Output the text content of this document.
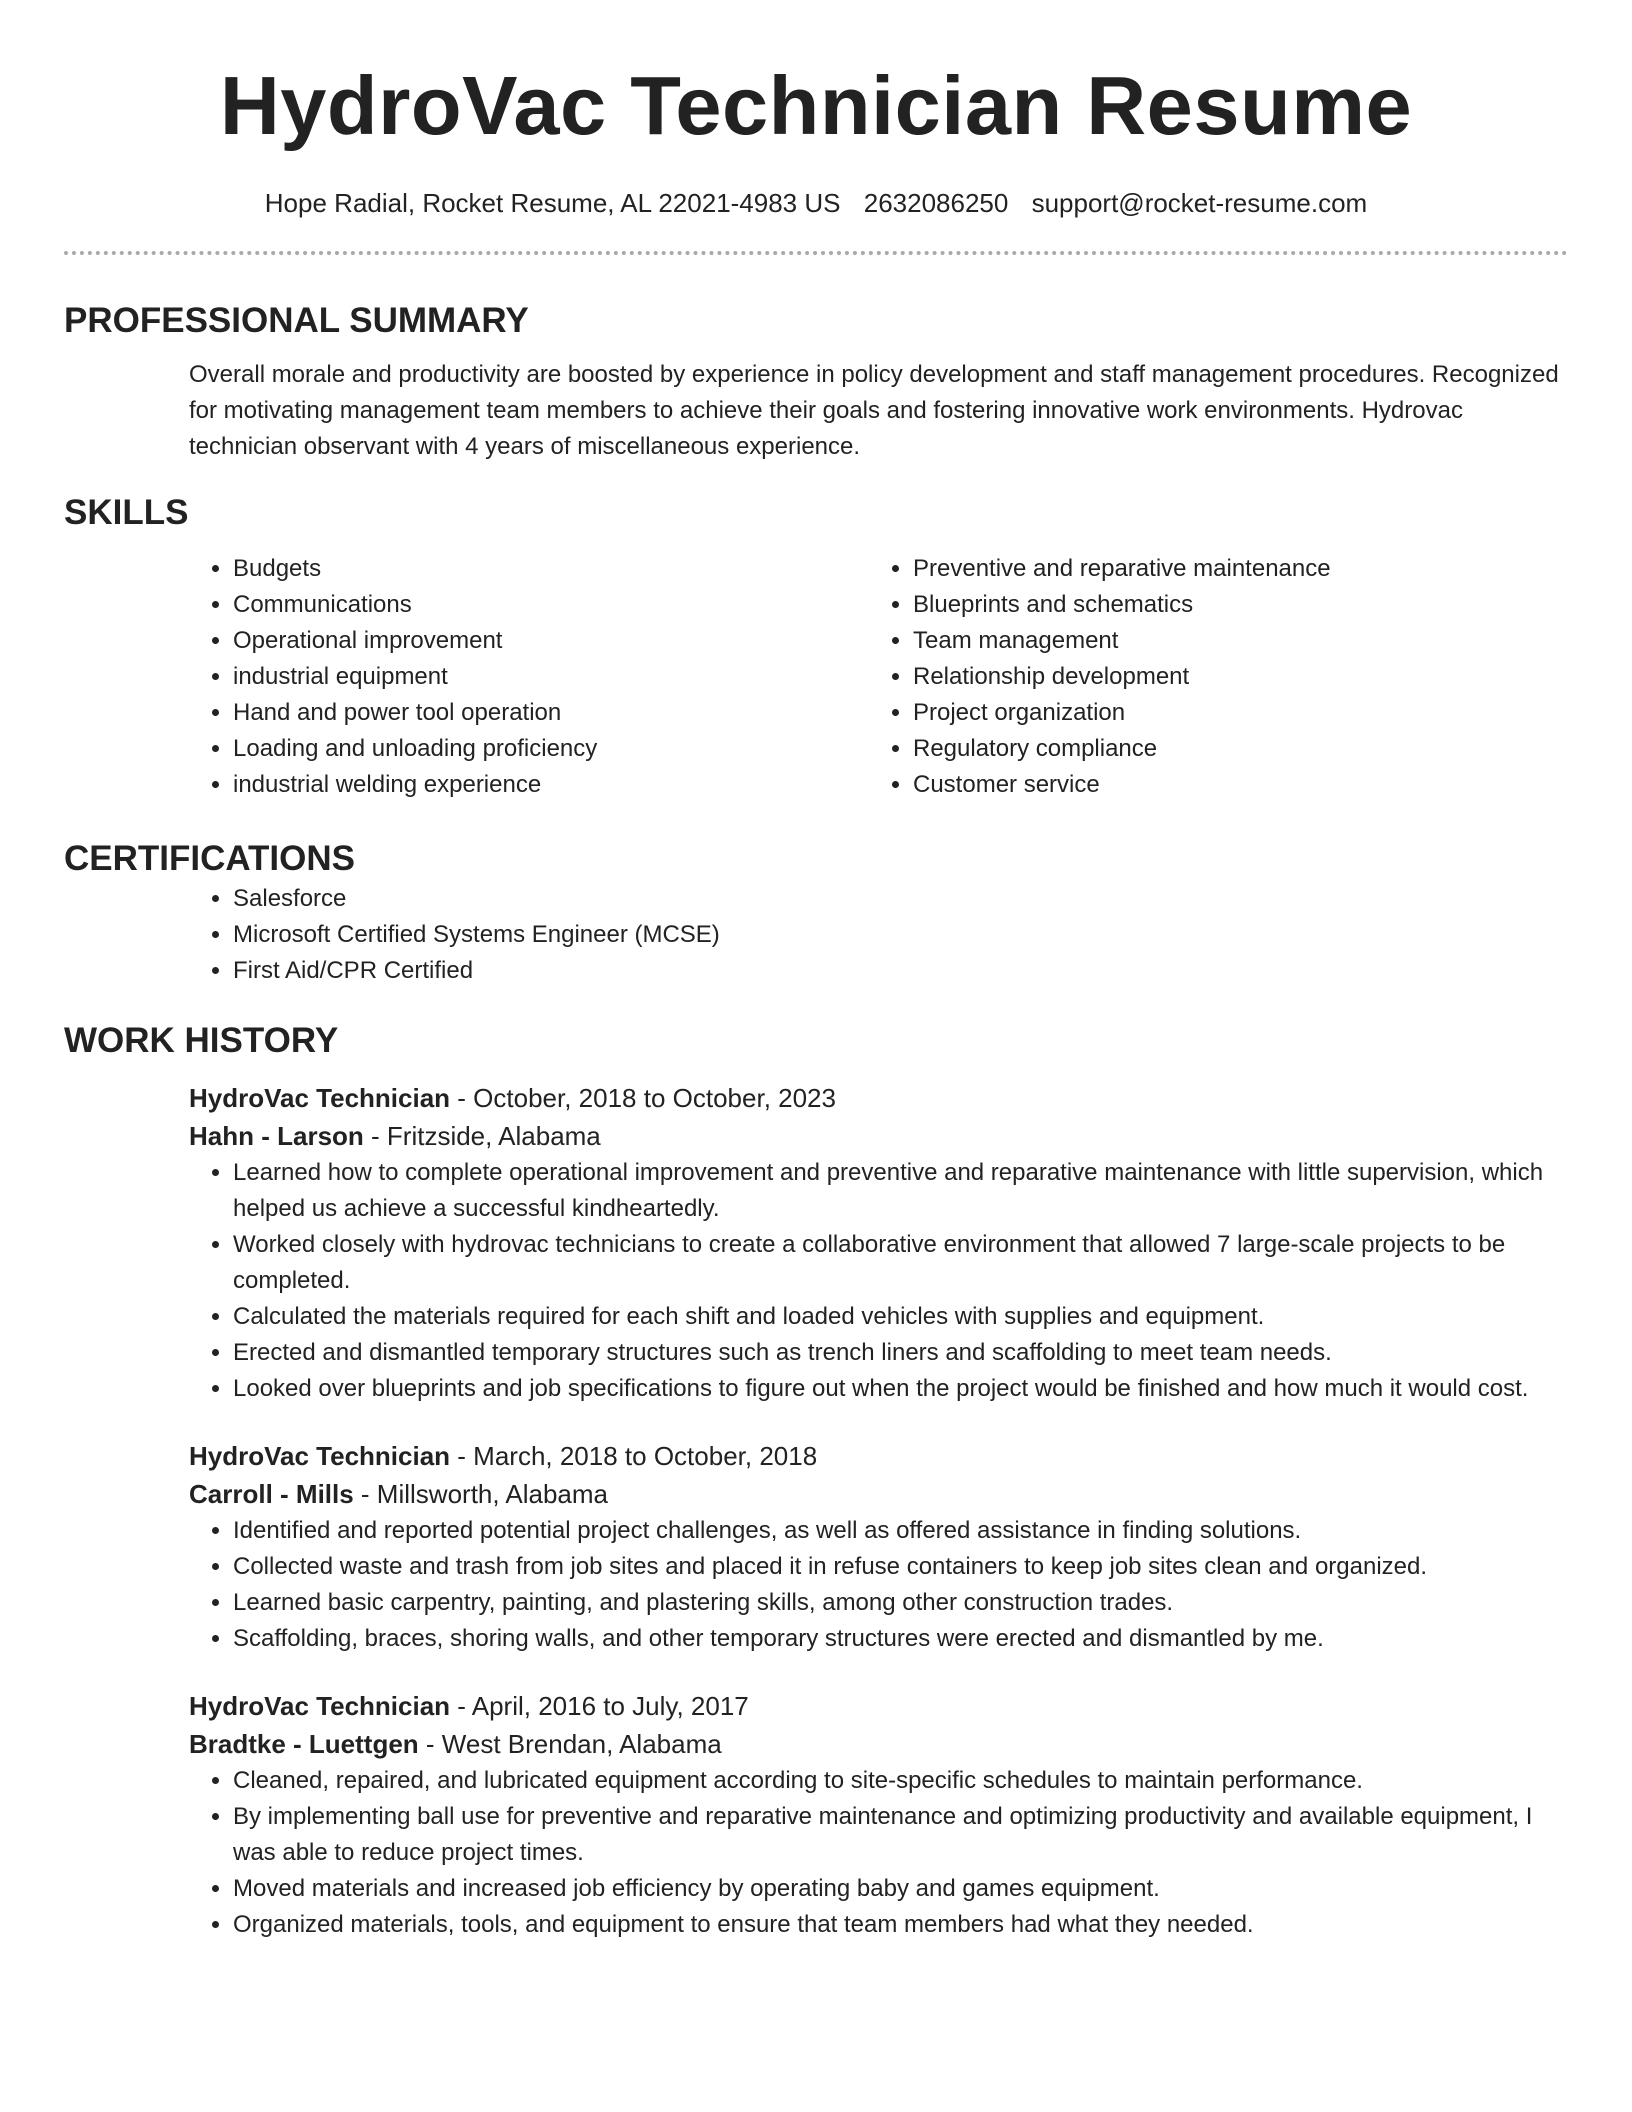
HydroVac Technician Resume
Hope Radial, Rocket Resume, AL 22021-4983 US 2632086250 support@rocket-resume.com
PROFESSIONAL SUMMARY
Overall morale and productivity are boosted by experience in policy development and staff management procedures. Recognized for motivating management team members to achieve their goals and fostering innovative work environments. Hydrovac technician observant with 4 years of miscellaneous experience.
SKILLS
• Budgets
• Communications
• Operational improvement
• industrial equipment
• Hand and power tool operation
• Loading and unloading proficiency
• industrial welding experience
• Preventive and reparative maintenance
• Blueprints and schematics
• Team management
• Relationship development
• Project organization
• Regulatory compliance
• Customer service
CERTIFICATIONS
• Salesforce
• Microsoft Certified Systems Engineer (MCSE)
• First Aid/CPR Certified
WORK HISTORY
HydroVac Technician - October, 2018 to October, 2023
Hahn - Larson - Fritzside, Alabama
• Learned how to complete operational improvement and preventive and reparative maintenance with little supervision, which helped us achieve a successful kindheartedly.
• Worked closely with hydrovac technicians to create a collaborative environment that allowed 7 large-scale projects to be completed.
• Calculated the materials required for each shift and loaded vehicles with supplies and equipment.
• Erected and dismantled temporary structures such as trench liners and scaffolding to meet team needs.
• Looked over blueprints and job specifications to figure out when the project would be finished and how much it would cost.
HydroVac Technician - March, 2018 to October, 2018
Carroll - Mills - Millsworth, Alabama
• Identified and reported potential project challenges, as well as offered assistance in finding solutions.
• Collected waste and trash from job sites and placed it in refuse containers to keep job sites clean and organized.
• Learned basic carpentry, painting, and plastering skills, among other construction trades.
• Scaffolding, braces, shoring walls, and other temporary structures were erected and dismantled by me.
HydroVac Technician - April, 2016 to July, 2017
Bradtke - Luettgen - West Brendan, Alabama
• Cleaned, repaired, and lubricated equipment according to site-specific schedules to maintain performance.
• By implementing ball use for preventive and reparative maintenance and optimizing productivity and available equipment, I was able to reduce project times.
• Moved materials and increased job efficiency by operating baby and games equipment.
• Organized materials, tools, and equipment to ensure that team members had what they needed.
